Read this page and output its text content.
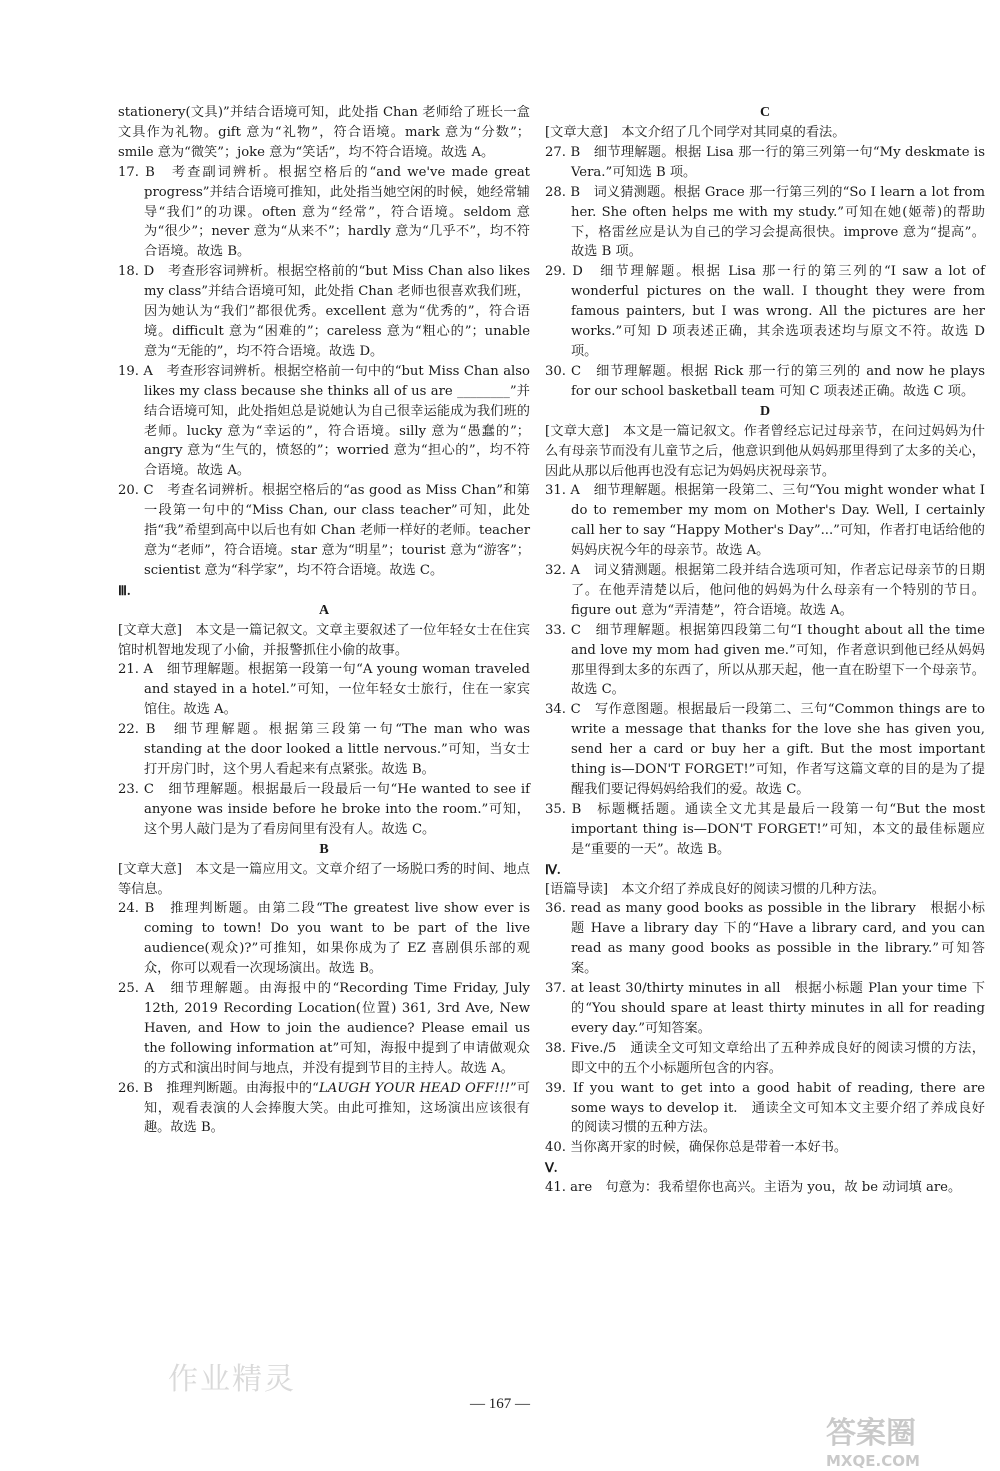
stationery(文具)”并结合语境可知，此处指 Chan 老师给了班长一盒文具作为礼物。gift 意为“礼物”，符合语境。mark 意为“分数”；smile 意为“微笑”；joke 意为“笑话”，均不符合语境。故选 A。

17. B　考查副词辨析。根据空格后的“and we've made great progress”并结合语境可推知，此处指当她空闲的时候，她经常辅导“我们”的功课。often 意为“经常”，符合语境。seldom 意为“很少”；never 意为“从来不”；hardly 意为“几乎不”，均不符合语境。故选 B。

18. D　考查形容词辨析。根据空格前的“but Miss Chan also likes my class”并结合语境可知，此处指 Chan 老师也很喜欢我们班，因为她认为“我们”都很优秀。excellent 意为“优秀的”，符合语境。difficult 意为“困难的”；careless 意为“粗心的”；unable 意为“无能的”，均不符合语境。故选 D。

19. A　考查形容词辨析。根据空格前一句中的“but Miss Chan also likes my class because she thinks all of us are ________”并结合语境可知，此处指妲总是说她认为自己很幸运能成为我们班的老师。lucky 意为“幸运的”，符合语境。silly 意为“愚蠢的”；angry 意为“生气的，愤怒的”；worried 意为“担心的”，均不符合语境。故选 A。

20. C　考查名词辨析。根据空格后的“as good as Miss Chan”和第一段第一句中的“Miss Chan, our class teacher”可知，此处指“我”希望到高中以后也有如 Chan 老师一样好的老师。teacher 意为“老师”，符合语境。star 意为“明星”；tourist 意为“游客”；scientist 意为“科学家”，均不符合语境。故选 C。

Ⅲ.

A

[文章大意]　本文是一篇记叙文。文章主要叙述了一位年轻女士在住宾馆时机智地发现了小偷，并报警抓住小偷的故事。

21. A　细节理解题。根据第一段第一句“A young woman traveled and stayed in a hotel.”可知，一位年轻女士旅行，住在一家宾馆住。故选 A。

22. B　细节理解题。根据第三段第一句“The man who was standing at the door looked a little nervous.”可知，当女士打开房门时，这个男人看起来有点紧张。故选 B。

23. C　细节理解题。根据最后一段最后一句“He wanted to see if anyone was inside before he broke into the room.”可知，这个男人敲门是为了看房间里有没有人。故选 C。

B

[文章大意]　本文是一篇应用文。文章介绍了一场脱口秀的时间、地点等信息。

24. B　推理判断题。由第二段“The greatest live show ever is coming to town! Do you want to be part of the live audience(观众)?”可推知，如果你成为了 EZ 喜剧俱乐部的观众，你可以观看一次现场演出。故选 B。

25. A　细节理解题。由海报中的“Recording Time Friday, July 12th, 2019 Recording Location(位置) 361, 3rd Ave, New Haven, and How to join the audience? Please email us the following information at”可知，海报中提到了申请做观众的方式和演出时间与地点，并没有提到节目的主持人。故选 A。

26. B　推理判断题。由海报中的“LAUGH YOUR HEAD OFF!!!”可知，观看表演的人会捧腹大笑。由此可推知，这场演出应该很有趣。故选 B。

C

[文章大意]　本文介绍了几个同学对其同桌的看法。

27. B　细节理解题。根据 Lisa 那一行的第三列第一句“My deskmate is Vera.”可知选 B 项。

28. B　词义猜测题。根据 Grace 那一行第三列的“So I learn a lot from her. She often helps me with my study.”可知在她(姬蒂)的帮助下，格雷丝应是认为自己的学习会提高很快。improve 意为“提高”。故选 B 项。

29. D　细节理解题。根据 Lisa 那一行的第三列的“I saw a lot of wonderful pictures on the wall. I thought they were from famous painters, but I was wrong. All the pictures are her works.”可知 D 项表述正确，其余选项表述均与原文不符。故选 D 项。

30. C　细节理解题。根据 Rick 那一行的第三列的 and now he plays for our school basketball team 可知 C 项表述正确。故选 C 项。

D

[文章大意]　本文是一篇记叙文。作者曾经忘记过母亲节，在问过妈妈为什么有母亲节而没有儿童节之后，他意识到他从妈妈那里得到了太多的关心，因此从那以后他再也没有忘记为妈妈庆祝母亲节。

31. A　细节理解题。根据第一段第二、三句“You might wonder what I do to remember my mom on Mother's Day. Well, I certainly call her to say “Happy Mother's Day”...”可知，作者打电话给他的妈妈庆祝今年的母亲节。故选 A。

32. A　词义猜测题。根据第二段并结合选项可知，作者忘记母亲节的日期了。在他弄清楚以后，他问他的妈妈为什么母亲有一个特别的节日。figure out 意为“弄清楚”，符合语境。故选 A。

33. C　细节理解题。根据第四段第二句“I thought about all the time and love my mom had given me.”可知，作者意识到他已经从妈妈那里得到太多的东西了，所以从那天起，他一直在盼望下一个母亲节。故选 C。

34. C　写作意图题。根据最后一段第二、三句“Common things are to write a message that thanks for the love she has given you, send her a card or buy her a gift. But the most important thing is—DON'T FORGET!”可知，作者写这篇文章的目的是为了提醒我们要记得妈妈给我们的爱。故选 C。

35. B　标题概括题。通读全文尤其是最后一段第一句“But the most important thing is—DON'T FORGET!”可知，本文的最佳标题应是“重要的一天”。故选 B。

Ⅳ.

[语篇导读]　本文介绍了养成良好的阅读习惯的几种方法。

36. read as many good books as possible in the library　根据小标题 Have a library day 下的“Have a library card, and you can read as many good books as possible in the library.”可知答案。

37. at least 30/thirty minutes in all　根据小标题 Plan your time 下的“You should spare at least thirty minutes in all for reading every day.”可知答案。

38. Five./5　通读全文可知文章给出了五种养成良好的阅读习惯的方法，即文中的五个小标题所包含的内容。

39. If you want to get into a good habit of reading, there are some ways to develop it.　通读全文可知本文主要介绍了养成良好的阅读习惯的五种方法。

40. 当你离开家的时候，确保你总是带着一本好书。

Ⅴ.

41. are　句意为：我希望你也高兴。主语为 you，故 be 动词填 are。

作业精灵
— 167 —
答案圈
MXQE.COM
